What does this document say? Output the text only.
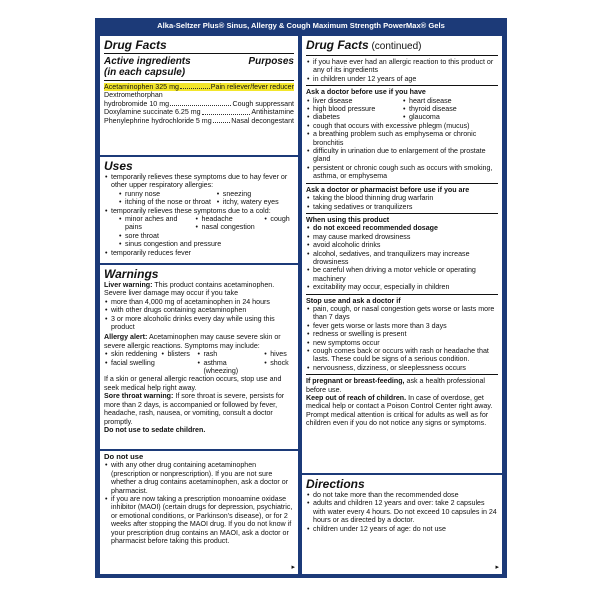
Alka-Seltzer Plus® Sinus, Allergy & Cough Maximum Strength PowerMax® Gels
Drug Facts
Active ingredients
(in each capsule)
Purposes
Acetaminophen 325 mg	Pain reliever/fever reducer
Dextromethorphan
hydrobromide 10 mg	Cough suppressant
Doxylamine succinate 6.25 mg	Antihistamine
Phenylephrine hydrochloride 5 mg	Nasal decongestant
Uses
• temporarily relieves these symptoms due to hay fever or other upper respiratory allergies:
• runny nose
• itching of the nose or throat
• sneezing
• itchy, watery eyes
• temporarily relieves these symptoms due to a cold:
• minor aches and pains
• sore throat
• headache
• nasal congestion
• cough
• sinus congestion and pressure
• temporarily reduces fever
Warnings
Liver warning: This product contains acetaminophen. Severe liver damage may occur if you take
• more than 4,000 mg of acetaminophen in 24 hours
• with other drugs containing acetaminophen
• 3 or more alcoholic drinks every day while using this product
Allergy alert: Acetaminophen may cause severe skin or severe allergic reactions. Symptoms may include:
• skin reddening
• facial swelling
• blisters
•	rash
• asthma (wheezing)
• hives
• shock
If a skin or general allergic reaction occurs, stop use and seek medical help right away.
Sore throat warning: If sore throat is severe, persists for more than 2 days, is accompanied or followed by fever, headache, rash, nausea, or vomiting, consult a doctor promptly.
Do not use to sedate children.
Do not use
• with any other drug containing acetaminophen (prescription or nonprescription). If you are not sure whether a drug contains acetaminophen, ask a doctor or pharmacist.
• if you are now taking a prescription monoamine oxidase inhibitor (MAOI) (certain drugs for depression, psychiatric, or emotional conditions, or Parkinson's disease), or for 2 weeks after stopping the MAOI drug. If you do not know if your prescription drug contains an MAOI, ask a doctor or pharmacist before taking this product.
▸
Drug Facts (continued)
• if you have ever had an allergic reaction to this product or any of its ingredients
• in children under 12 years of age
Ask a doctor before use if you have
• liver disease
• high blood pressure
• diabetes
• heart disease
• thyroid disease
• glaucoma
• cough that occurs with excessive phlegm (mucus)
• a breathing problem such as emphysema or chronic bronchitis
• difficulty in urination due to enlargement of the prostate gland
• persistent or chronic cough such as occurs with smoking, asthma, or emphysema
Ask a doctor or pharmacist before use if you are
• taking the blood thinning drug warfarin
• taking sedatives or tranquilizers
When using this product
• do not exceed recommended dosage
• may cause marked drowsiness
• avoid alcoholic drinks
• alcohol, sedatives, and tranquilizers may increase drowsiness
• be careful when driving a motor vehicle or operating machinery
• excitability may occur, especially in children
Stop use and ask a doctor if
• pain, cough, or nasal congestion gets worse or lasts more than 7 days
• fever gets worse or lasts more than 3 days
• redness or swelling is present
• new symptoms occur
• cough comes back or occurs with rash or headache that lasts. These could be signs of a serious condition.
• nervousness, dizziness, or sleeplessness occurs
If pregnant or breast-feeding, ask a health professional before use.
Keep out of reach of children. In case of overdose, get medical help or contact a Poison Control Center right away. Prompt medical attention is critical for adults as well as for children even if you do not notice any signs or symptoms.
Directions
• do not take more than the recommended dose
• adults and children 12 years and over: take 2 capsules with water every 4 hours. Do not exceed 10 capsules in 24 hours or as directed by a doctor.
• children under 12 years of age: do not use
▸
